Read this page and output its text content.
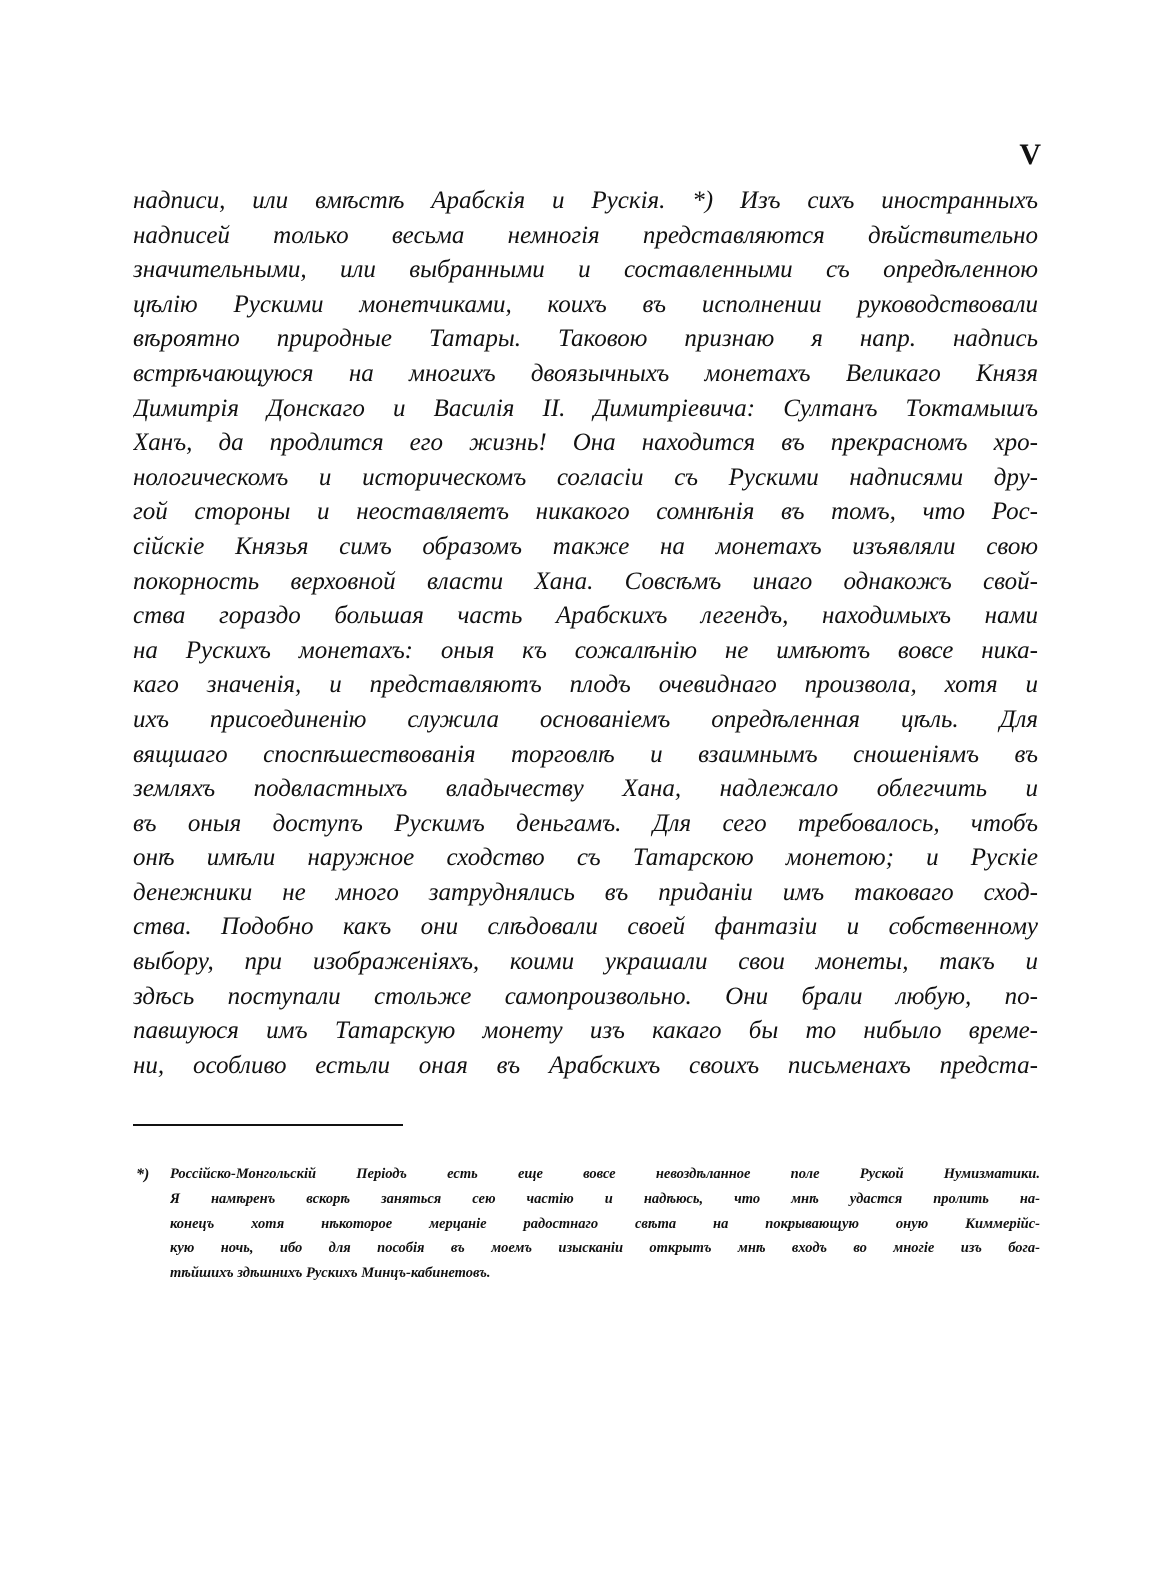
V
надписи, или вмѣстѣ Арабскія и Рускія. *) Изъ сихъ иностранныхъ
надписей только весьма немногія представляются дѣйствительно
значительными, или выбранными и составленными съ опредѣленною
цѣлію Рускими монетчиками, коихъ въ исполнении руководствовали
вѣроятно природные Татары. Таковою признаю я напр. надпись
встрѣчающуюся на многихъ двоязычныхъ монетахъ Великаго Князя
Димитрія Донскаго и Василія II. Димитріевича: Султанъ Токтамышъ
Ханъ, да продлится его жизнь! Она находится въ прекрасномъ хро-
нологическомъ и историческомъ согласіи съ Рускими надписями дру-
гой стороны и неоставляетъ никакого сомнѣнія въ томъ, что Рос-
сійскіе Князья симъ образомъ также на монетахъ изъявляли свою
покорность верховной власти Хана. Совсѣмъ инаго однакожъ свой-
ства гораздо большая часть Арабскихъ легендъ, находимыхъ нами
на Рускихъ монетахъ: оныя къ сожалѣнію не имѣютъ вовсе ника-
каго значенія, и представляютъ плодъ очевиднаго произвола, хотя и
ихъ присоединенію служила основаніемъ опредѣленная цѣль. Для
вящшаго споспѣшествованія торговлѣ и взаимнымъ сношеніямъ въ
земляхъ подвластныхъ владычеству Хана, надлежало облегчить и
въ оныя доступъ Рускимъ деньгамъ. Для сего требовалось, чтобъ
онѣ имѣли наружное сходство съ Татарскою монетою; и Рускіе
денежники не много затруднялись въ приданіи имъ таковаго сход-
ства. Подобно какъ они слѣдовали своей фантазіи и собственному
выбору, при изображеніяхъ, коими украшали свои монеты, такъ и
здѣсь поступали стольже самопроизвольно. Они брали любую, по-
павшуюся имъ Татарскую монету изъ какаго бы то нибыло време-
ни, особливо естьли оная въ Арабскихъ своихъ письменахъ предста-
*) Россійско-Монгольскій Періодъ есть еще вовсе невоздѣланное поле Руской Нумизматики.
Я намѣренъ вскорѣ заняться сею частію и надѣюсь, что мнѣ удастся пролить на-
конецъ хотя нѣкоторое мерцаніе радостнаго свѣта на покрывающую оную Киммерійс-
кую ночь, ибо для пособія въ моемъ изысканіи открытъ мнѣ входъ во многіе изъ бога-
тѣйшихъ здѣшнихъ Рускихъ Минцъ-кабинетовъ.
